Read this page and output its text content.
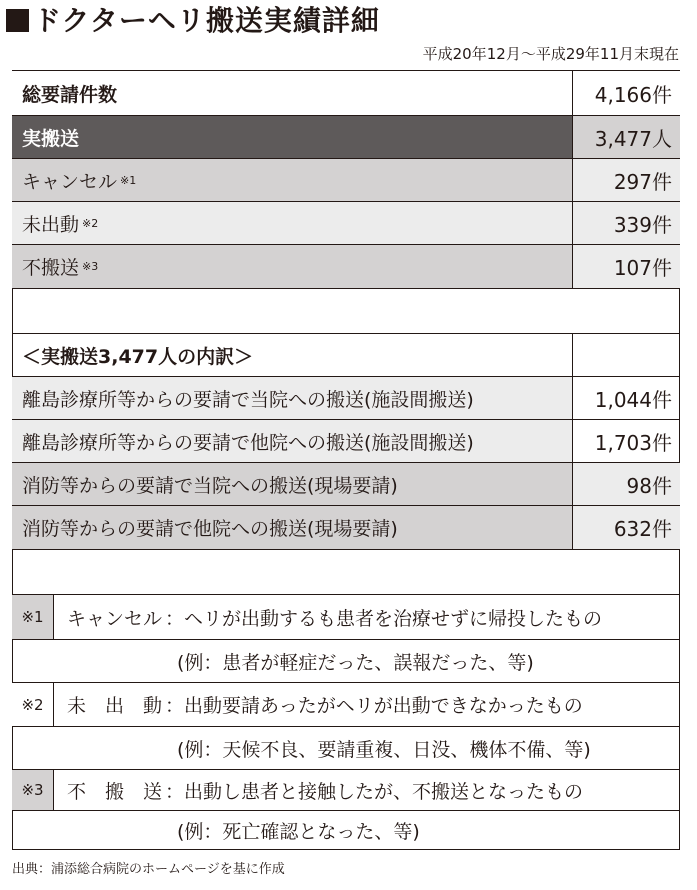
ドクターヘリ搬送実績詳細
平成20年12月〜平成29年11月末現在
総要請件数	4,166件
実搬送	3,477人
キャンセル ※1	297件
未出動 ※2	339件
不搬送 ※3	107件
＜実搬送3,477人の内訳＞
離島診療所等からの要請で当院への搬送(施設間搬送)	1,044件
離島診療所等からの要請で他院への搬送(施設間搬送)	1,703件
消防等からの要請で当院への搬送(現場要請)	98件
消防等からの要請で他院への搬送(現場要請)	632件
※1	キャンセル ：ヘリが出動するも患者を治療せずに帰投したもの
(例：患者が軽症だった、誤報だった、等)
※2	未　出　動 ：出動要請あったがヘリが出動できなかったもの
(例：天候不良、要請重複、日没、機体不備、等)
※3	不　搬　送 ：出動し患者と接触したが、不搬送となったもの
(例：死亡確認となった、等)
出典：浦添総合病院のホームページを基に作成
